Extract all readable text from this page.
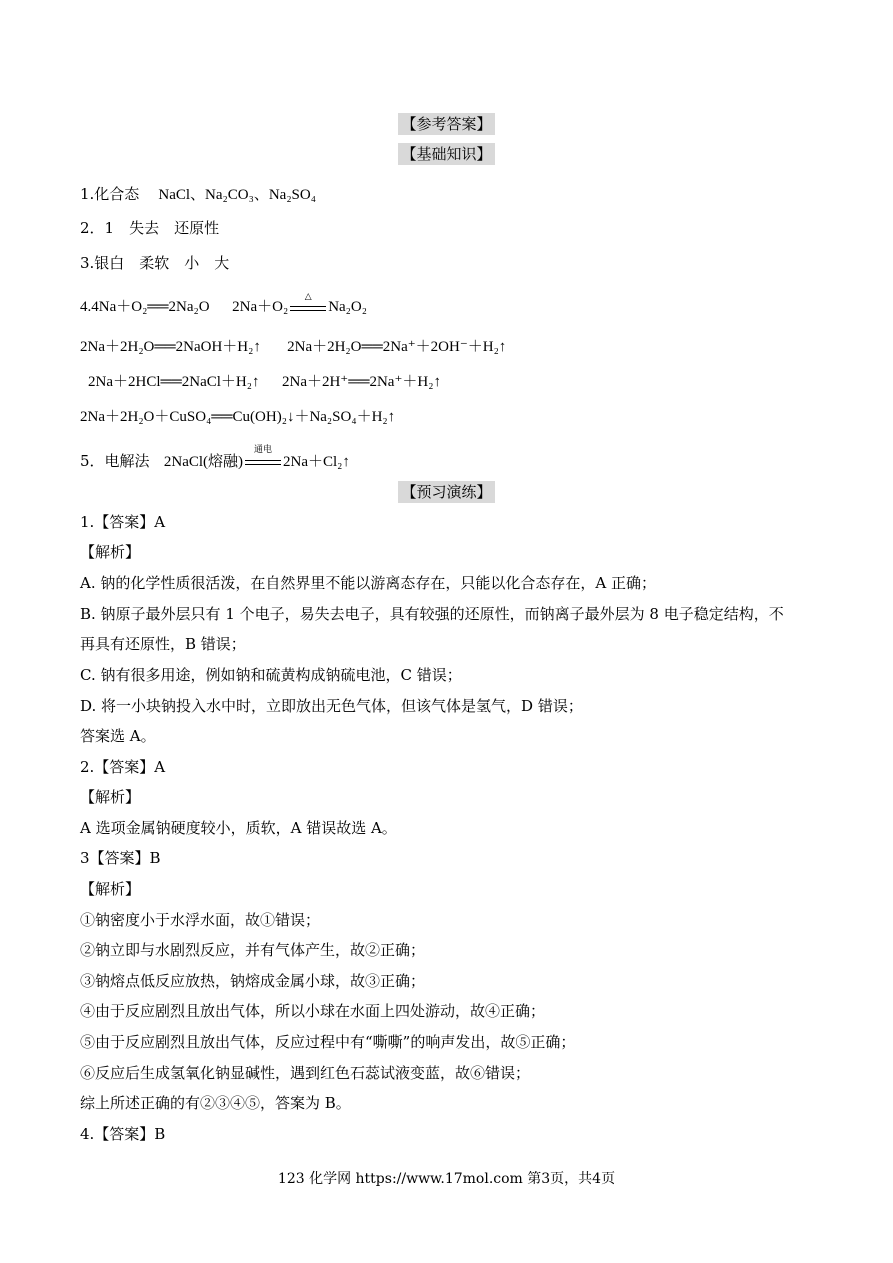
【参考答案】
【基础知识】
1.化合态 NaCl、Na₂CO₃、Na₂SO₄
2．1　失去　还原性
3.银白　柔软　小　大
4.4Na＋O₂══2Na₂O 2Na＋O₂
△
Na₂O₂
2Na＋2H₂O══2NaOH＋H₂↑ 2Na＋2H₂O══2Na⁺＋2OH⁻＋H₂↑
2Na＋2HCl══2NaCl＋H₂↑ 2Na＋2H⁺══2Na⁺＋H₂↑
2Na＋2H₂O＋CuSO₄══Cu(OH)₂↓＋Na₂SO₄＋H₂↑
5．电解法 2NaCl(熔融)
通电
2Na＋Cl₂↑
【预习演练】
1.【答案】A
【解析】
A. 钠的化学性质很活泼，在自然界里不能以游离态存在，只能以化合态存在，A 正确；
B. 钠原子最外层只有 1 个电子，易失去电子，具有较强的还原性，而钠离子最外层为 8 电子稳定结构，不
再具有还原性，B 错误；
C. 钠有很多用途，例如钠和硫黄构成钠硫电池，C 错误；
D. 将一小块钠投入水中时，立即放出无色气体，但该气体是氢气，D 错误；
答案选 A。
2.【答案】A
【解析】
A 选项金属钠硬度较小，质软，A 错误故选 A。
3【答案】B
【解析】
①钠密度小于水浮水面，故①错误；
②钠立即与水剧烈反应，并有气体产生，故②正确；
③钠熔点低反应放热，钠熔成金属小球，故③正确；
④由于反应剧烈且放出气体，所以小球在水面上四处游动，故④正确；
⑤由于反应剧烈且放出气体，反应过程中有“嘶嘶”的响声发出，故⑤正确；
⑥反应后生成氢氧化钠显碱性，遇到红色石蕊试液变蓝，故⑥错误；
综上所述正确的有②③④⑤，答案为 B。
4.【答案】B
123 化学网 https://www.17mol.com 第3页，共4页
